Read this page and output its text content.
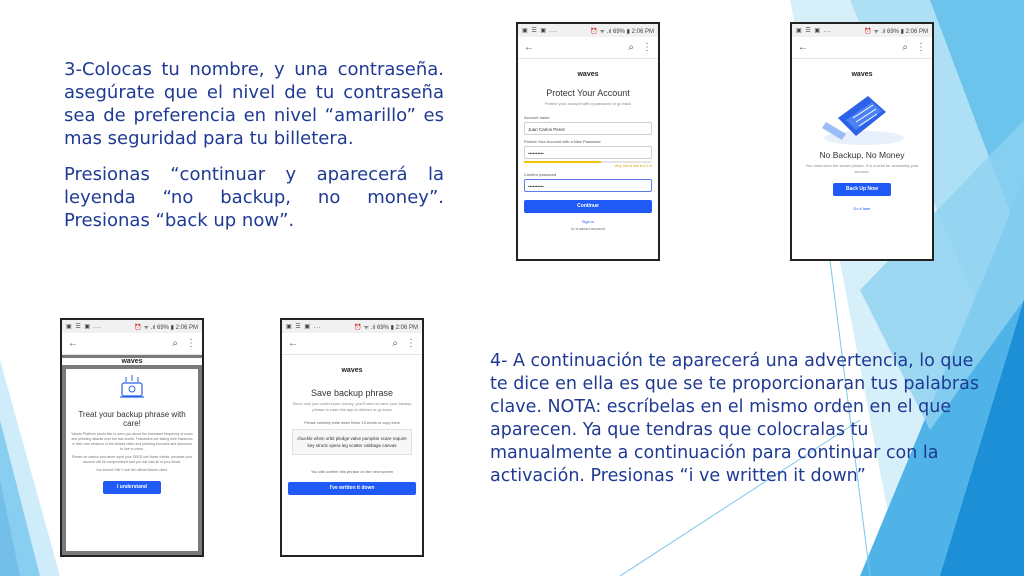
3-Colocas tu nombre, y una contraseña. asegúrate que el nivel de tu contraseña sea de preferencia en nivel “amarillo” es mas seguridad para tu billetera.

Presionas “continuar y aparecerá la leyenda “no backup, no money”. Presionas “back up now”.

4- A continuación te aparecerá una advertencia, lo que te dice en ella es que se te proporcionaran tus palabras clave. NOTA: escríbelas en el mismo orden en el que aparecen. Ya que tendras que colocralas tu manualmente a continuación para continuar con la activación. Presionas “i ve written it down”
▣ ☰ ▣ ...	⏰ ᯤ .ıl 69% ▮ 2:06 PM
←	⌕ ⋮
waves
Protect Your Account
Protect your account with a password or go back
Account name
Juan Carlos Perez
Protect Your Account with a New Password
••••••••••
Very, this is fine in 4.2 it!
Confirm password
••••••••••
Continue
Sign in
to a saved account
▣ ☰ ▣ ...	⏰ ᯤ .ıl 69% ▮ 2:06 PM
←	⌕ ⋮
waves
No Backup, No Money
You must save the secret phrase. It is crucial for accessing your account.
Back Up Now
Do it later
▣ ☰ ▣ ...	⏰ ᯤ .ıl 69% ▮ 2:06 PM
←	⌕ ⋮
waves
Treat your backup phrase with care!
Waves Platform would like to warn you about the increased frequency of scam and phishing attacks over the last month. Fraudsters are faking their instances in their own versions of the Waves client and phishing bonuses and discounts to lure in users.
Please be careful and never input your SEED into these clients, because your account will be compromised and you will lose all of your funds.
You should ONLY use the official Waves client.
I understand
▣ ☰ ▣ ...	⏰ ᯤ .ıl 69% ▮ 2:06 PM
←	⌕ ⋮
waves
Save backup phrase
Since only you control your money, you'll need to save your backup phrase in case this app is deleted or go back
Please carefully write down these 15 words or copy them
chuckle when orbit pledge valve pumpkin scare require key struck opera leg scatter cabbage canvas
You will confirm this phrase on the next screen
I've written it down
